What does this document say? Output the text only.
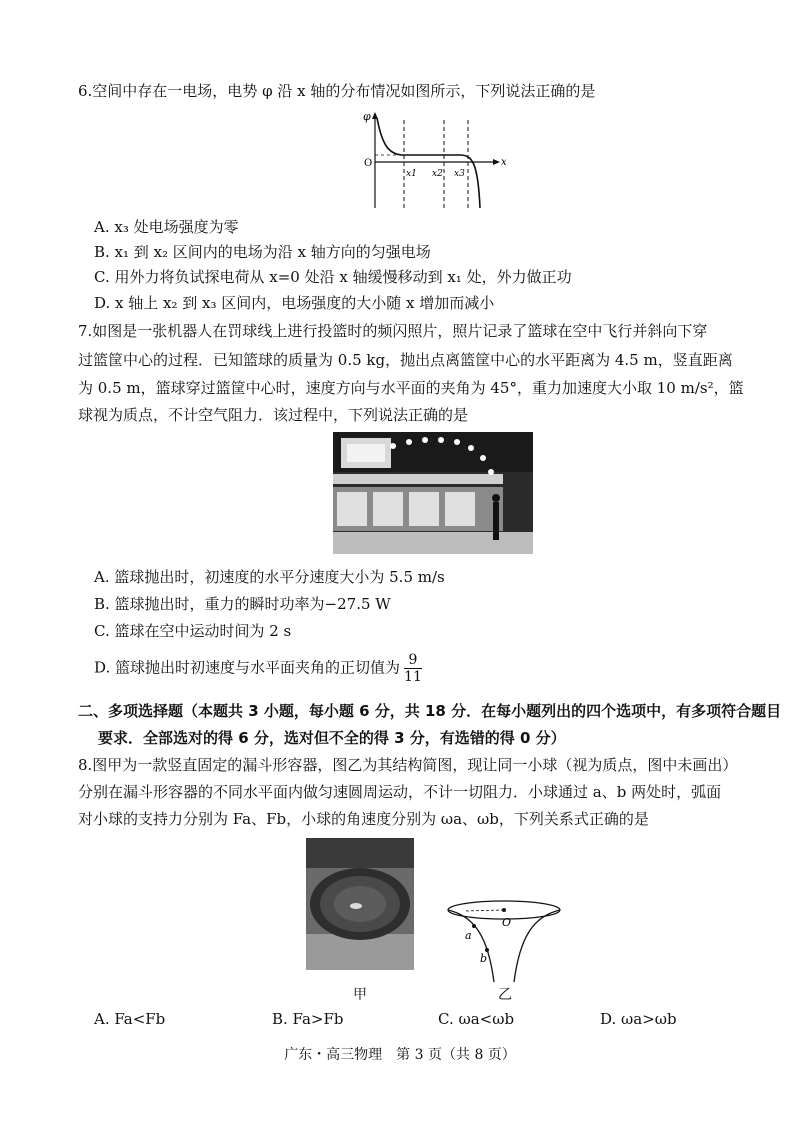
6.空间中存在一电场，电势 φ 沿 x 轴的分布情况如图所示，下列说法正确的是
φ
O	x
x1 x2 x3
A. x₃ 处电场强度为零
B. x₁ 到 x₂ 区间内的电场为沿 x 轴方向的匀强电场
C. 用外力将负试探电荷从 x=0 处沿 x 轴缓慢移动到 x₁ 处，外力做正功
D. x 轴上 x₂ 到 x₃ 区间内，电场强度的大小随 x 增加而减小
7.如图是一张机器人在罚球线上进行投篮时的频闪照片，照片记录了篮球在空中飞行并斜向下穿
过篮筐中心的过程．已知篮球的质量为 0.5 kg，抛出点离篮筐中心的水平距离为 4.5 m，竖直距离
为 0.5 m，篮球穿过篮筐中心时，速度方向与水平面的夹角为 45°，重力加速度大小取 10 m/s²，篮
球视为质点，不计空气阻力．该过程中，下列说法正确的是
A. 篮球抛出时，初速度的水平分速度大小为 5.5 m/s
B. 篮球抛出时，重力的瞬时功率为−27.5 W
C. 篮球在空中运动时间为 2 s
D. 篮球抛出时初速度与水平面夹角的正切值为 $\frac{9}{11}$
二、多项选择题（本题共 3 小题，每小题 6 分，共 18 分．在每小题列出的四个选项中，有多项符合题目
要求．全部选对的得 6 分，选对但不全的得 3 分，有选错的得 0 分）
8.图甲为一款竖直固定的漏斗形容器，图乙为其结构简图，现让同一小球（视为质点，图中未画出）
分别在漏斗形容器的不同水平面内做匀速圆周运动，不计一切阻力．小球通过 a、b 两处时，弧面
对小球的支持力分别为 Fa、Fb，小球的角速度分别为 ωa、ωb，下列关系式正确的是
O
a
b
甲	乙
A. Fa<Fb	B. Fa>Fb	C. ωa<ωb	D. ωa>ωb
广东・高三物理　第 3 页（共 8 页）
